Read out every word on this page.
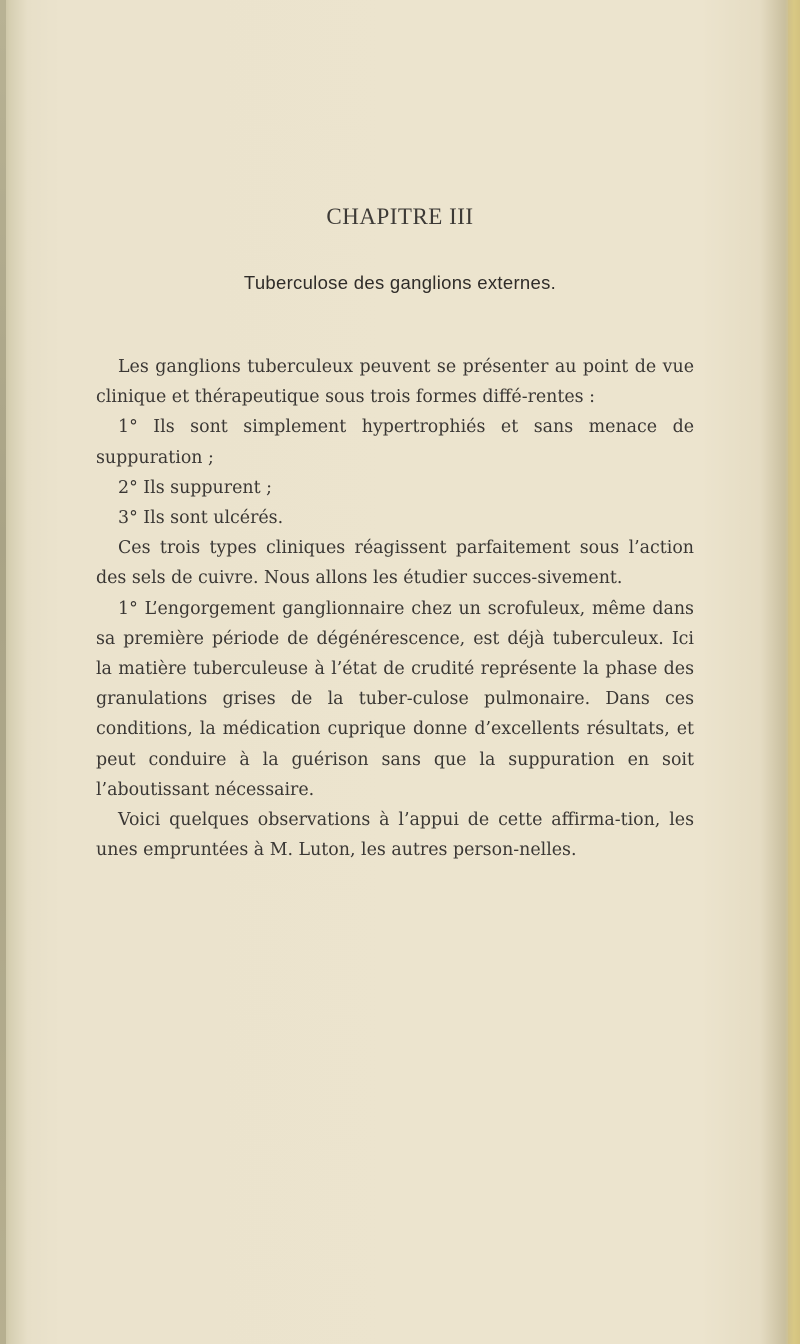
CHAPITRE III
Tuberculose des ganglions externes.

Les ganglions tuberculeux peuvent se présenter au point de vue clinique et thérapeutique sous trois formes diffé-rentes :

1° Ils sont simplement hypertrophiés et sans menace de suppuration ;

2° Ils suppurent ;

3° Ils sont ulcérés.

Ces trois types cliniques réagissent parfaitement sous l’action des sels de cuivre. Nous allons les étudier succes-sivement.

1° L’engorgement ganglionnaire chez un scrofuleux, même dans sa première période de dégénérescence, est déjà tuberculeux. Ici la matière tuberculeuse à l’état de crudité représente la phase des granulations grises de la tuber-culose pulmonaire. Dans ces conditions, la médication cuprique donne d’excellents résultats, et peut conduire à la guérison sans que la suppuration en soit l’aboutissant nécessaire.

Voici quelques observations à l’appui de cette affirma-tion, les unes empruntées à M. Luton, les autres person-nelles.
